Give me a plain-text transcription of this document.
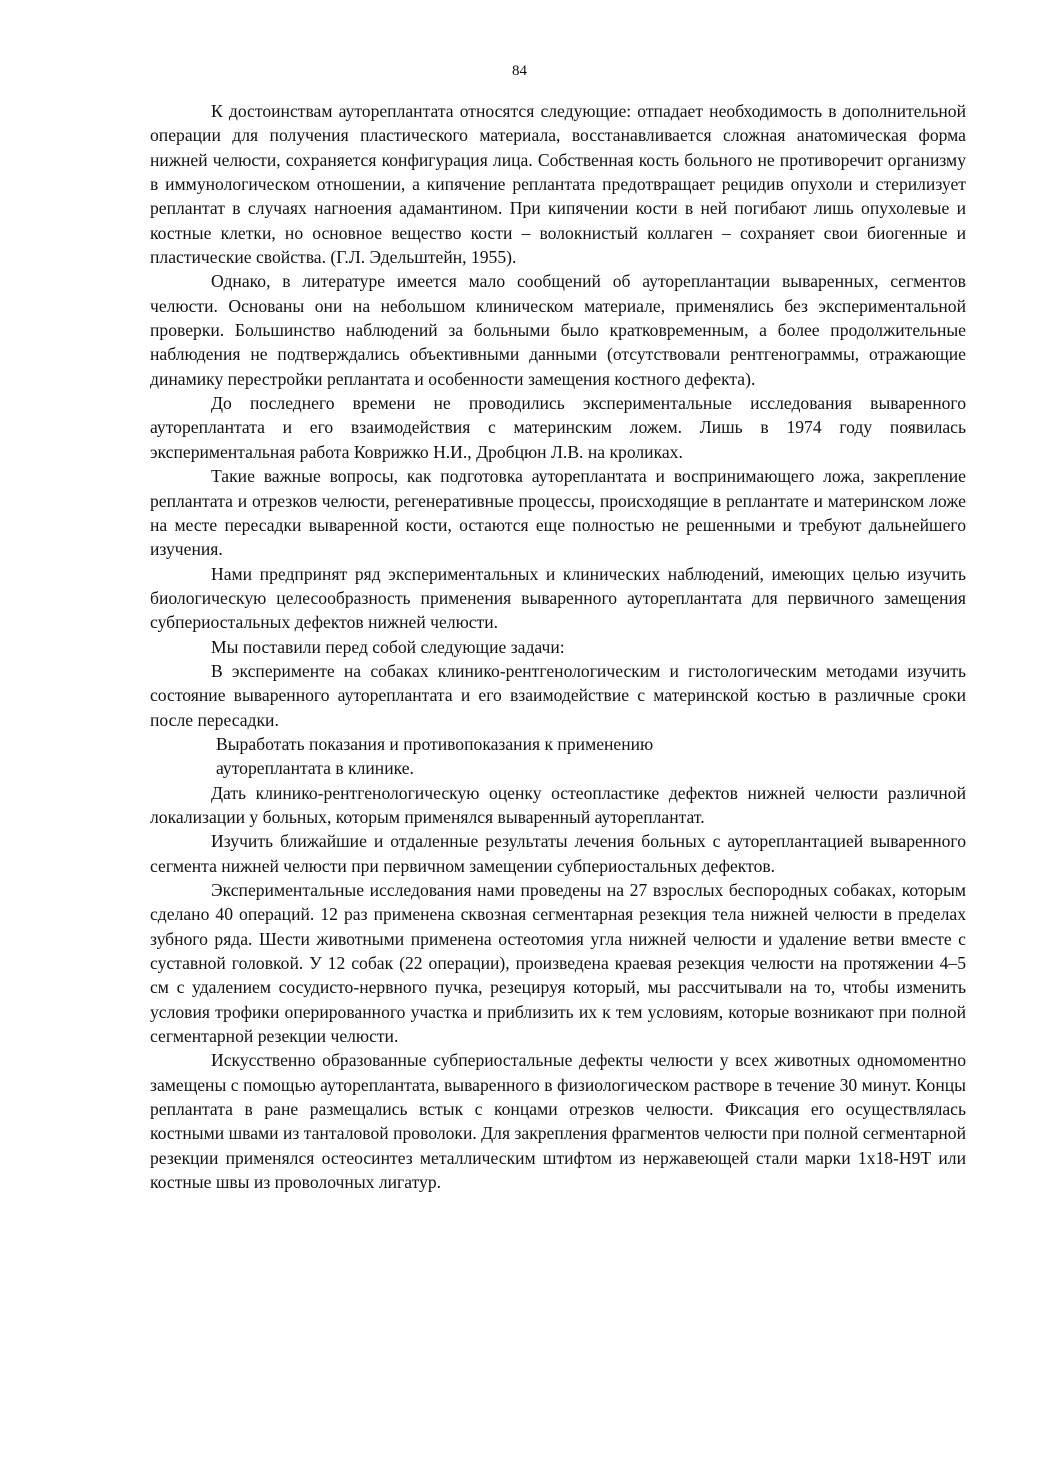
84

К достоинствам аутореплантата относятся следующие: отпадает необходимость в дополнительной операции для получения пластического материала, восстанавливается сложная анатомическая форма нижней челюсти, сохраняется конфигурация лица. Собственная кость больного не противоречит организму в иммунологическом отношении, а кипячение реплантата предотвращает рецидив опухоли и стерилизует реплантат в случаях нагноения адамантином. При кипячении кости в ней погибают лишь опухолевые и костные клетки, но основное вещество кости – волокнистый коллаген – сохраняет свои биогенные и пластические свойства. (Г.Л. Эдельштейн, 1955).

Однако, в литературе имеется мало сообщений об аутореплантации вываренных, сегментов челюсти. Основаны они на небольшом клиническом материале, применялись без экспериментальной проверки. Большинство наблюдений за больными было кратковременным, а более продолжительные наблюдения не подтверждались объективными данными (отсутствовали рентгенограммы, отражающие динамику перестройки реплантата и особенности замещения костного дефекта).

До последнего времени не проводились экспериментальные исследования вываренного аутореплантата и его взаимодействия с материнским ложем. Лишь в 1974 году появилась экспериментальная работа Коврижко Н.И., Дробцюн Л.В. на кроликах.

Такие важные вопросы, как подготовка аутореплантата и воспринимающего ложа, закрепление реплантата и отрезков челюсти, регенеративные процессы, происходящие в реплантате и материнском ложе на месте пересадки вываренной кости, остаются еще полностью не решенными и требуют дальнейшего изучения.

Нами предпринят ряд экспериментальных и клинических наблюдений, имеющих целью изучить биологическую целесообразность применения вываренного аутореплантата для первичного замещения субпериостальных дефектов нижней челюсти.

Мы поставили перед собой следующие задачи:

В эксперименте на собаках клинико-рентгенологическим и гистологическим методами изучить состояние вываренного аутореплантата и его взаимодействие с материнской костью в различные сроки после пересадки.

Выработать показания и противопоказания к применению

аутореплантата в клинике.

Дать клинико-рентгенологическую оценку остеопластике дефектов нижней челюсти различной локализации у больных, которым применялся вываренный аутореплантат.

Изучить ближайшие и отдаленные результаты лечения больных с аутореплантацией вываренного сегмента нижней челюсти при первичном замещении субпериостальных дефектов.

Экспериментальные исследования нами проведены на 27 взрослых беспородных собаках, которым сделано 40 операций. 12 раз применена сквозная сегментарная резекция тела нижней челюсти в пределах зубного ряда. Шести животными применена остеотомия угла нижней челюсти и удаление ветви вместе с суставной головкой. У 12 собак (22 операции), произведена краевая резекция челюсти на протяжении 4–5 см с удалением сосудисто-нервного пучка, резецируя который, мы рассчитывали на то, чтобы изменить условия трофики оперированного участка и приблизить их к тем условиям, которые возникают при полной сегментарной резекции челюсти.

Искусственно образованные субпериостальные дефекты челюсти у всех животных одномоментно замещены с помощью аутореплантата, вываренного в физиологическом растворе в течение 30 минут. Концы реплантата в ране размещались встык с концами отрезков челюсти. Фиксация его осуществлялась костными швами из танталовой проволоки. Для закрепления фрагментов челюсти при полной сегментарной резекции применялся остеосинтез металлическим штифтом из нержавеющей стали марки 1х18-Н9Т или костные швы из проволочных лигатур.
